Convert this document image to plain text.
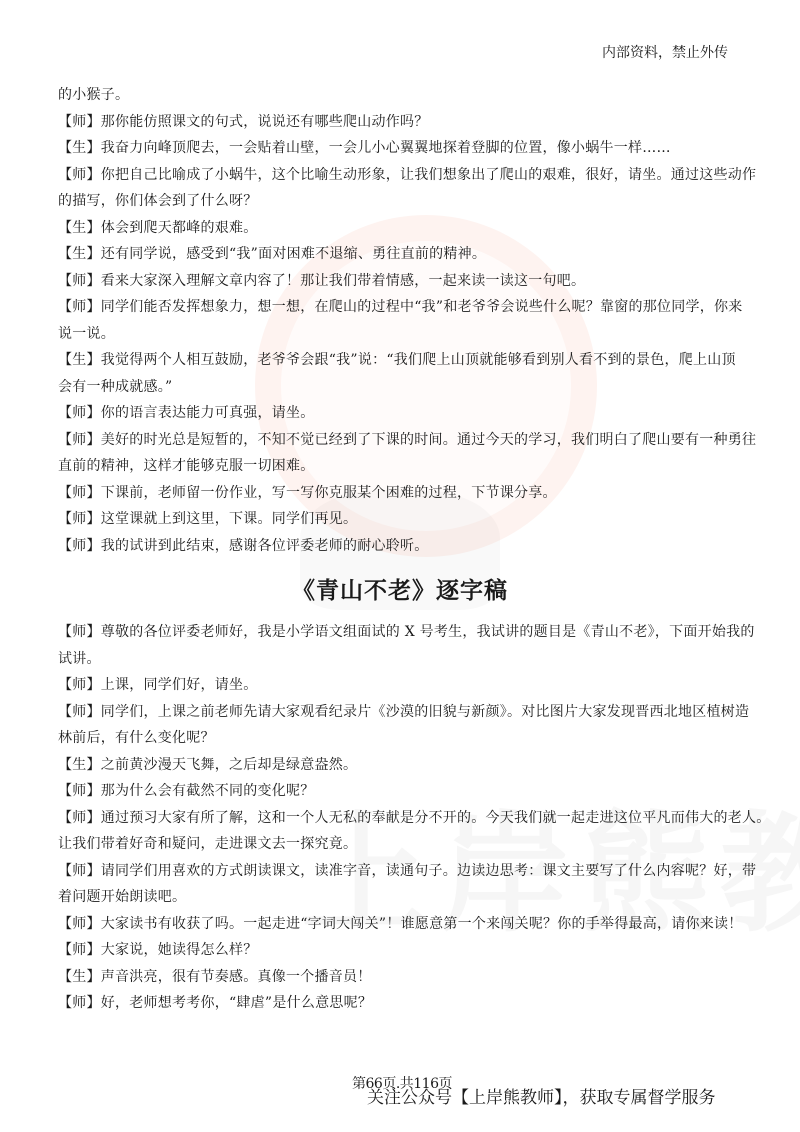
内部资料，禁止外传
的小猴子。
【师】那你能仿照课文的句式，说说还有哪些爬山动作吗？
【生】我奋力向峰顶爬去，一会贴着山壁，一会儿小心翼翼地探着登脚的位置，像小蜗牛一样……
【师】你把自己比喻成了小蜗牛，这个比喻生动形象，让我们想象出了爬山的艰难，很好，请坐。通过这些动作
的描写，你们体会到了什么呀？
【生】体会到爬天都峰的艰难。
【生】还有同学说，感受到“我”面对困难不退缩、勇往直前的精神。
【师】看来大家深入理解文章内容了！那让我们带着情感，一起来读一读这一句吧。
【师】同学们能否发挥想象力，想一想，在爬山的过程中“我”和老爷爷会说些什么呢？靠窗的那位同学，你来
说一说。
【生】我觉得两个人相互鼓励，老爷爷会跟“我”说：“我们爬上山顶就能够看到别人看不到的景色，爬上山顶
会有一种成就感。”
【师】你的语言表达能力可真强，请坐。
【师】美好的时光总是短暂的，不知不觉已经到了下课的时间。通过今天的学习，我们明白了爬山要有一种勇往
直前的精神，这样才能够克服一切困难。
【师】下课前，老师留一份作业，写一写你克服某个困难的过程，下节课分享。
【师】这堂课就上到这里，下课。同学们再见。
【师】我的试讲到此结束，感谢各位评委老师的耐心聆听。
《青山不老》逐字稿
【师】尊敬的各位评委老师好，我是小学语文组面试的 X 号考生，我试讲的题目是《青山不老》，下面开始我的
试讲。
【师】上课，同学们好，请坐。
【师】同学们，上课之前老师先请大家观看纪录片《沙漠的旧貌与新颜》。对比图片大家发现晋西北地区植树造
林前后，有什么变化呢？
【生】之前黄沙漫天飞舞，之后却是绿意盎然。
【师】那为什么会有截然不同的变化呢？
【师】通过预习大家有所了解，这和一个人无私的奉献是分不开的。今天我们就一起走进这位平凡而伟大的老人。
让我们带着好奇和疑问，走进课文去一探究竟。
【师】请同学们用喜欢的方式朗读课文，读准字音，读通句子。边读边思考：课文主要写了什么内容呢？好，带
着问题开始朗读吧。
【师】大家读书有收获了吗。一起走进“字词大闯关”！谁愿意第一个来闯关呢？你的手举得最高，请你来读！
【师】大家说，她读得怎么样？
【生】声音洪亮，很有节奏感。真像一个播音员！
【师】好，老师想考考你，“肆虐”是什么意思呢？
第66页.共116页
关注公众号【上岸熊教师】，获取专属督学服务
